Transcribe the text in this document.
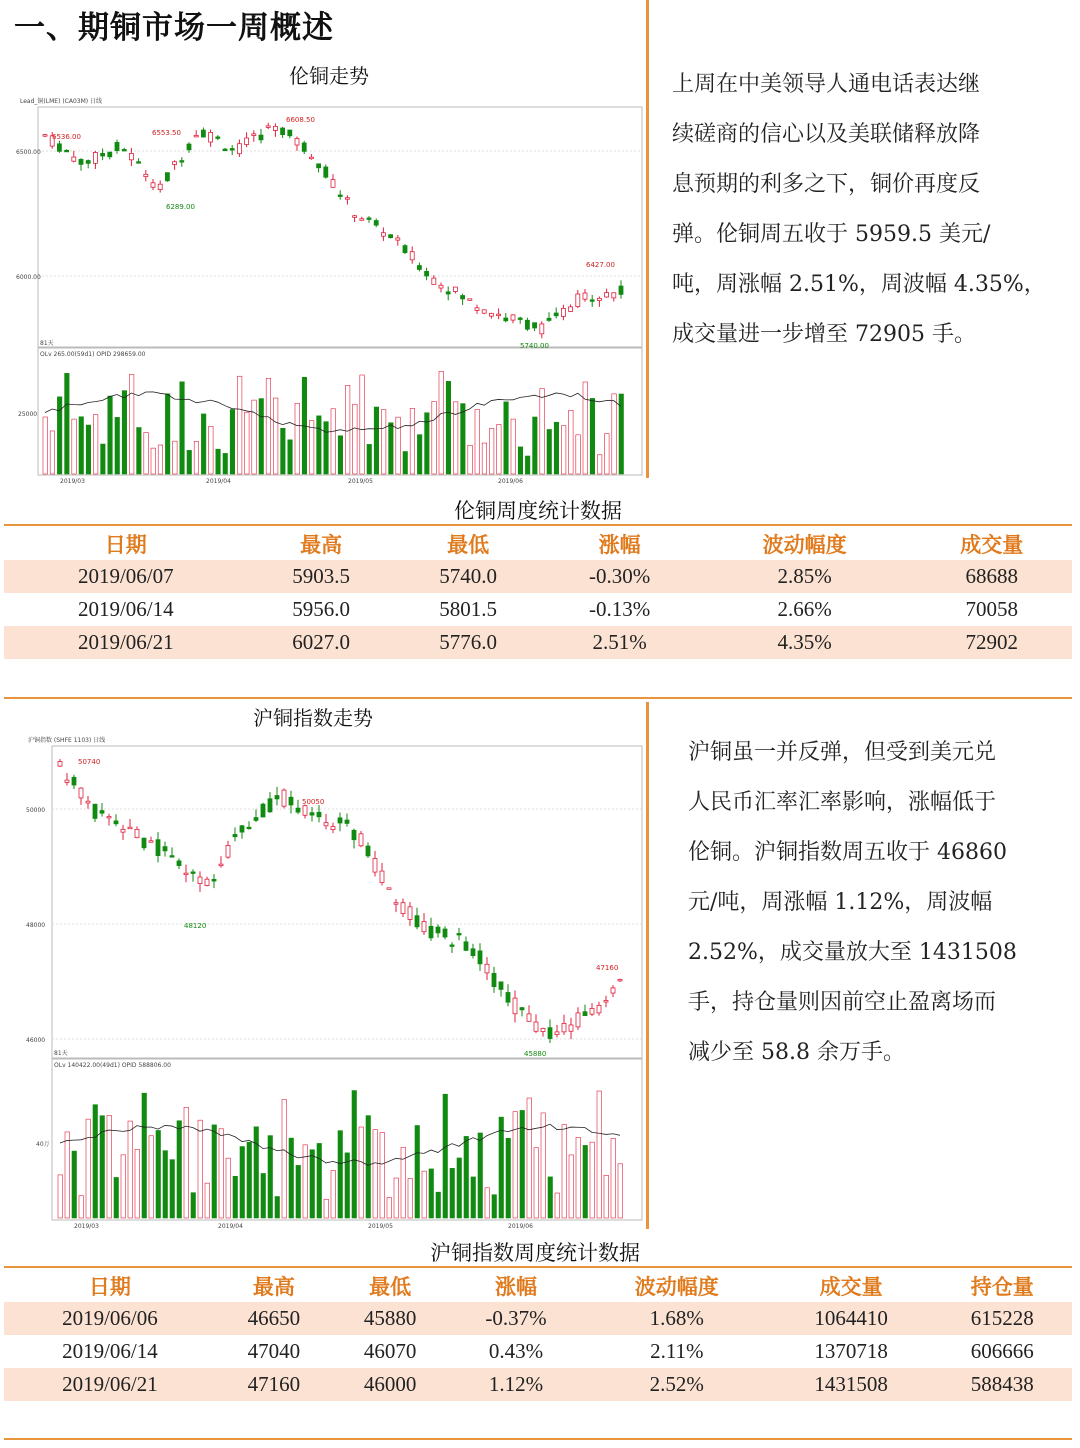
一、期铜市场一周概述
伦铜走势
Lead_铜(LME) (CA03M) 日线
6500.00
6000.00
81天
OLv 265.00(59d1) OPID 298659.00
25000
2019/03	2019/04	2019/05	2019/06
6536.00	6553.50
6608.50
6289.00
6427.00
5740.00
上周在中美领导人通电话表达继
续磋商的信心以及美联储释放降
息预期的利多之下，铜价再度反
弹。伦铜周五收于 5959.5 美元/
吨，周涨幅 2.51%，周波幅 4.35%，
成交量进一步增至 72905 手。
伦铜周度统计数据
日期	最高	最低	涨幅	波动幅度	成交量
2019/06/07	5903.5	5740.0	-0.30%	2.85%	68688
2019/06/14	5956.0	5801.5	-0.13%	2.66%	70058
2019/06/21	6027.0	5776.0	2.51%	4.35%	72902
沪铜指数走势
沪铜指数 (SHFE 1103) 日线
50000
48000
46000
81天
OLv 140422.00(49d1) OPID 588806.00
40万
2019/03	2019/04	2019/05	2019/06
50740
50050
48120
47160
45880
沪铜虽一并反弹，但受到美元兑
人民币汇率汇率影响，涨幅低于
伦铜。沪铜指数周五收于 46860
元/吨，周涨幅 1.12%，周波幅
2.52%，成交量放大至 1431508
手，持仓量则因前空止盈离场而
减少至 58.8 余万手。
沪铜指数周度统计数据
日期	最高	最低	涨幅	波动幅度	成交量	持仓量
2019/06/06	46650	45880	-0.37%	1.68%	1064410	615228
2019/06/14	47040	46070	0.43%	2.11%	1370718	606666
2019/06/21	47160	46000	1.12%	2.52%	1431508	588438
